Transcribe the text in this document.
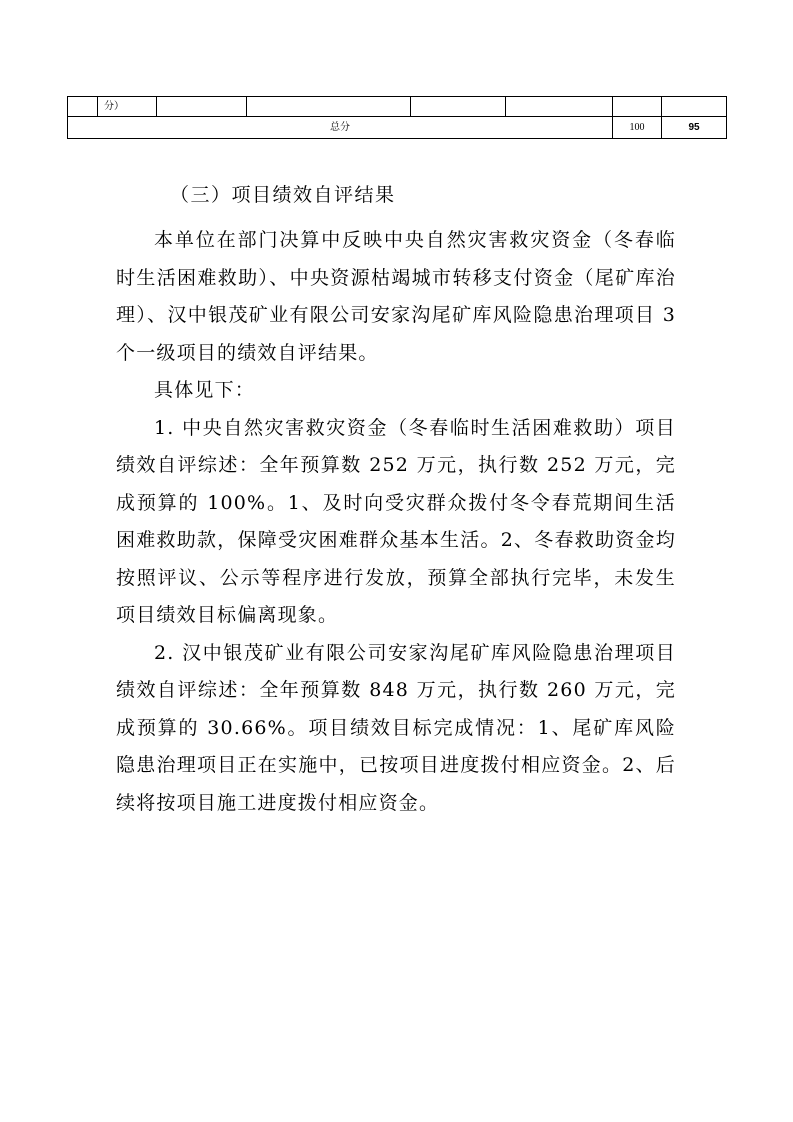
	分）						
总分						100	95
（三）项目绩效自评结果

本单位在部门决算中反映中央自然灾害救灾资金（冬春临时生活困难救助）、中央资源枯竭城市转移支付资金（尾矿库治理）、汉中银茂矿业有限公司安家沟尾矿库风险隐患治理项目 3 个一级项目的绩效自评结果。

具体见下：

1. 中央自然灾害救灾资金（冬春临时生活困难救助）项目绩效自评综述：全年预算数 252 万元，执行数 252 万元，完成预算的 100%。1、及时向受灾群众拨付冬令春荒期间生活困难救助款，保障受灾困难群众基本生活。2、冬春救助资金均按照评议、公示等程序进行发放，预算全部执行完毕，未发生项目绩效目标偏离现象。

2. 汉中银茂矿业有限公司安家沟尾矿库风险隐患治理项目绩效自评综述：全年预算数 848 万元，执行数 260 万元，完成预算的 30.66%。项目绩效目标完成情况：1、尾矿库风险隐患治理项目正在实施中，已按项目进度拨付相应资金。2、后续将按项目施工进度拨付相应资金。
